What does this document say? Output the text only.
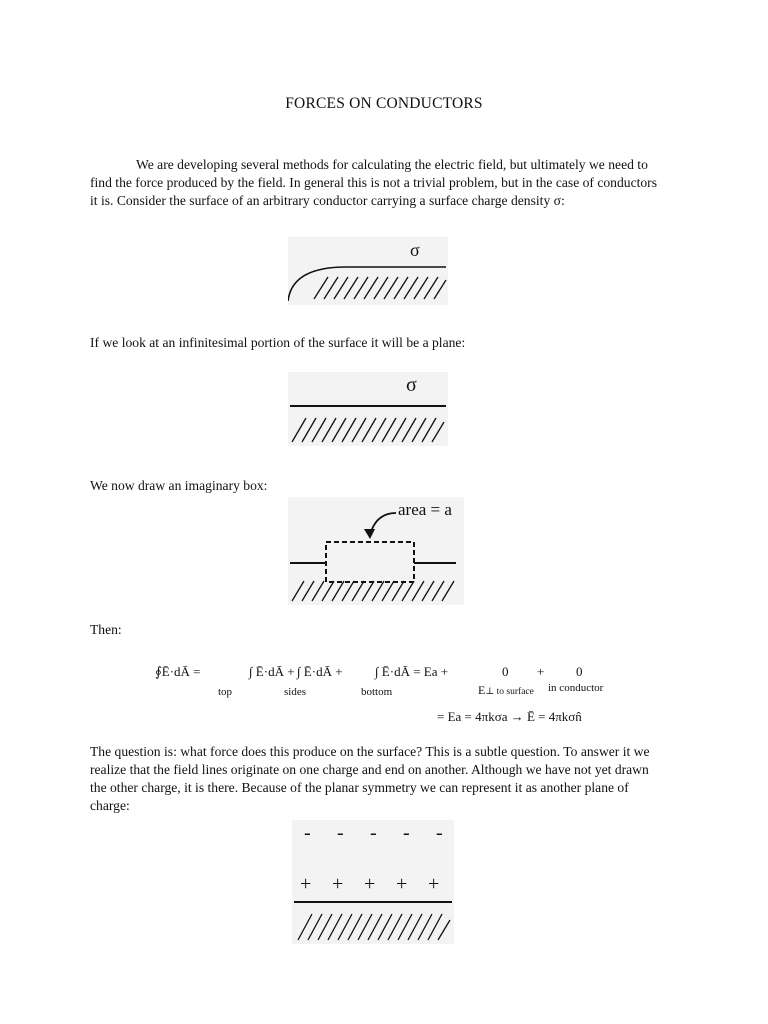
FORCES ON CONDUCTORS
We are developing several methods for calculating the electric field, but ultimately we need to find the force produced by the field. In general this is not a trivial problem, but in the case of conductors it is. Consider the surface of an arbitrary conductor carrying a surface charge density σ:
σ
If we look at an infinitesimal portion of the surface it will be a plane:
σ
We now draw an imaginary box:
area = a
Then:
∮Ē·dĀ =	∫ Ē·dĀ + ∫ Ē·dĀ + ∫ Ē·dĀ = Ea +	0 + 0
top	sides	bottom	E⊥ to surface in conductor
= Ea = 4πkσa → Ē = 4πkσn̂
The question is: what force does this produce on the surface? This is a subtle question. To answer it we realize that the field lines originate on one charge and end on another. Although we have not yet drawn the other charge, it is there. Because of the planar symmetry we can represent it as another plane of charge:
- - - - -
+ + + + +
